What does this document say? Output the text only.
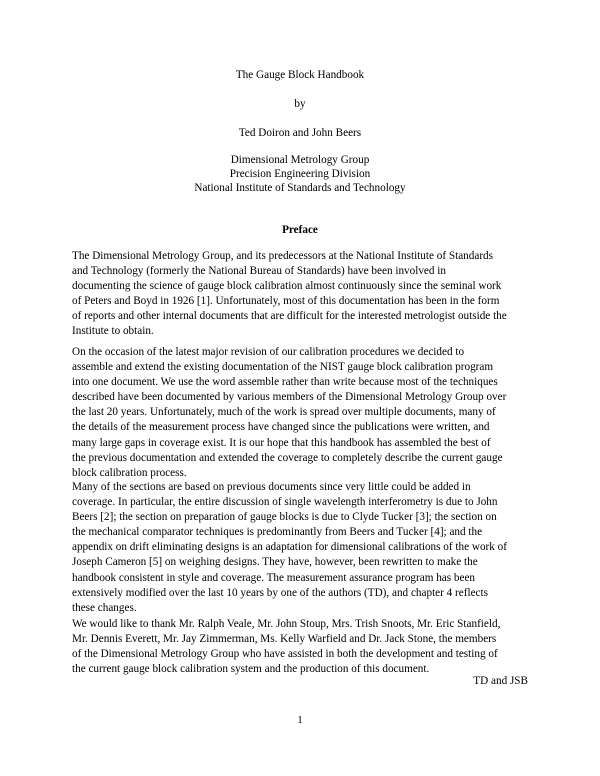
The Gauge Block Handbook
by
Ted Doiron and John Beers
Dimensional Metrology Group
Precision Engineering Division
National Institute of Standards and Technology
Preface
The Dimensional Metrology Group, and its predecessors at the National Institute of Standards
and Technology (formerly the National Bureau of Standards) have been involved in
documenting the science of gauge block calibration almost continuously since the seminal work
of Peters and Boyd in 1926 [1]. Unfortunately, most of this documentation has been in the form
of reports and other internal documents that are difficult for the interested metrologist outside the
Institute to obtain.
On the occasion of the latest major revision of our calibration procedures we decided to
assemble and extend the existing documentation of the NIST gauge block calibration program
into one document. We use the word assemble rather than write because most of the techniques
described have been documented by various members of the Dimensional Metrology Group over
the last 20 years. Unfortunately, much of the work is spread over multiple documents, many of
the details of the measurement process have changed since the publications were written, and
many large gaps in coverage exist. It is our hope that this handbook has assembled the best of
the previous documentation and extended the coverage to completely describe the current gauge
block calibration process.
Many of the sections are based on previous documents since very little could be added in
coverage. In particular, the entire discussion of single wavelength interferometry is due to John
Beers [2]; the section on preparation of gauge blocks is due to Clyde Tucker [3]; the section on
the mechanical comparator techniques is predominantly from Beers and Tucker [4]; and the
appendix on drift eliminating designs is an adaptation for dimensional calibrations of the work of
Joseph Cameron [5] on weighing designs. They have, however, been rewritten to make the
handbook consistent in style and coverage. The measurement assurance program has been
extensively modified over the last 10 years by one of the authors (TD), and chapter 4 reflects
these changes.
We would like to thank Mr. Ralph Veale, Mr. John Stoup, Mrs. Trish Snoots, Mr. Eric Stanfield,
Mr. Dennis Everett, Mr. Jay Zimmerman, Ms. Kelly Warfield and Dr. Jack Stone, the members
of the Dimensional Metrology Group who have assisted in both the development and testing of
the current gauge block calibration system and the production of this document.
TD and JSB
1
